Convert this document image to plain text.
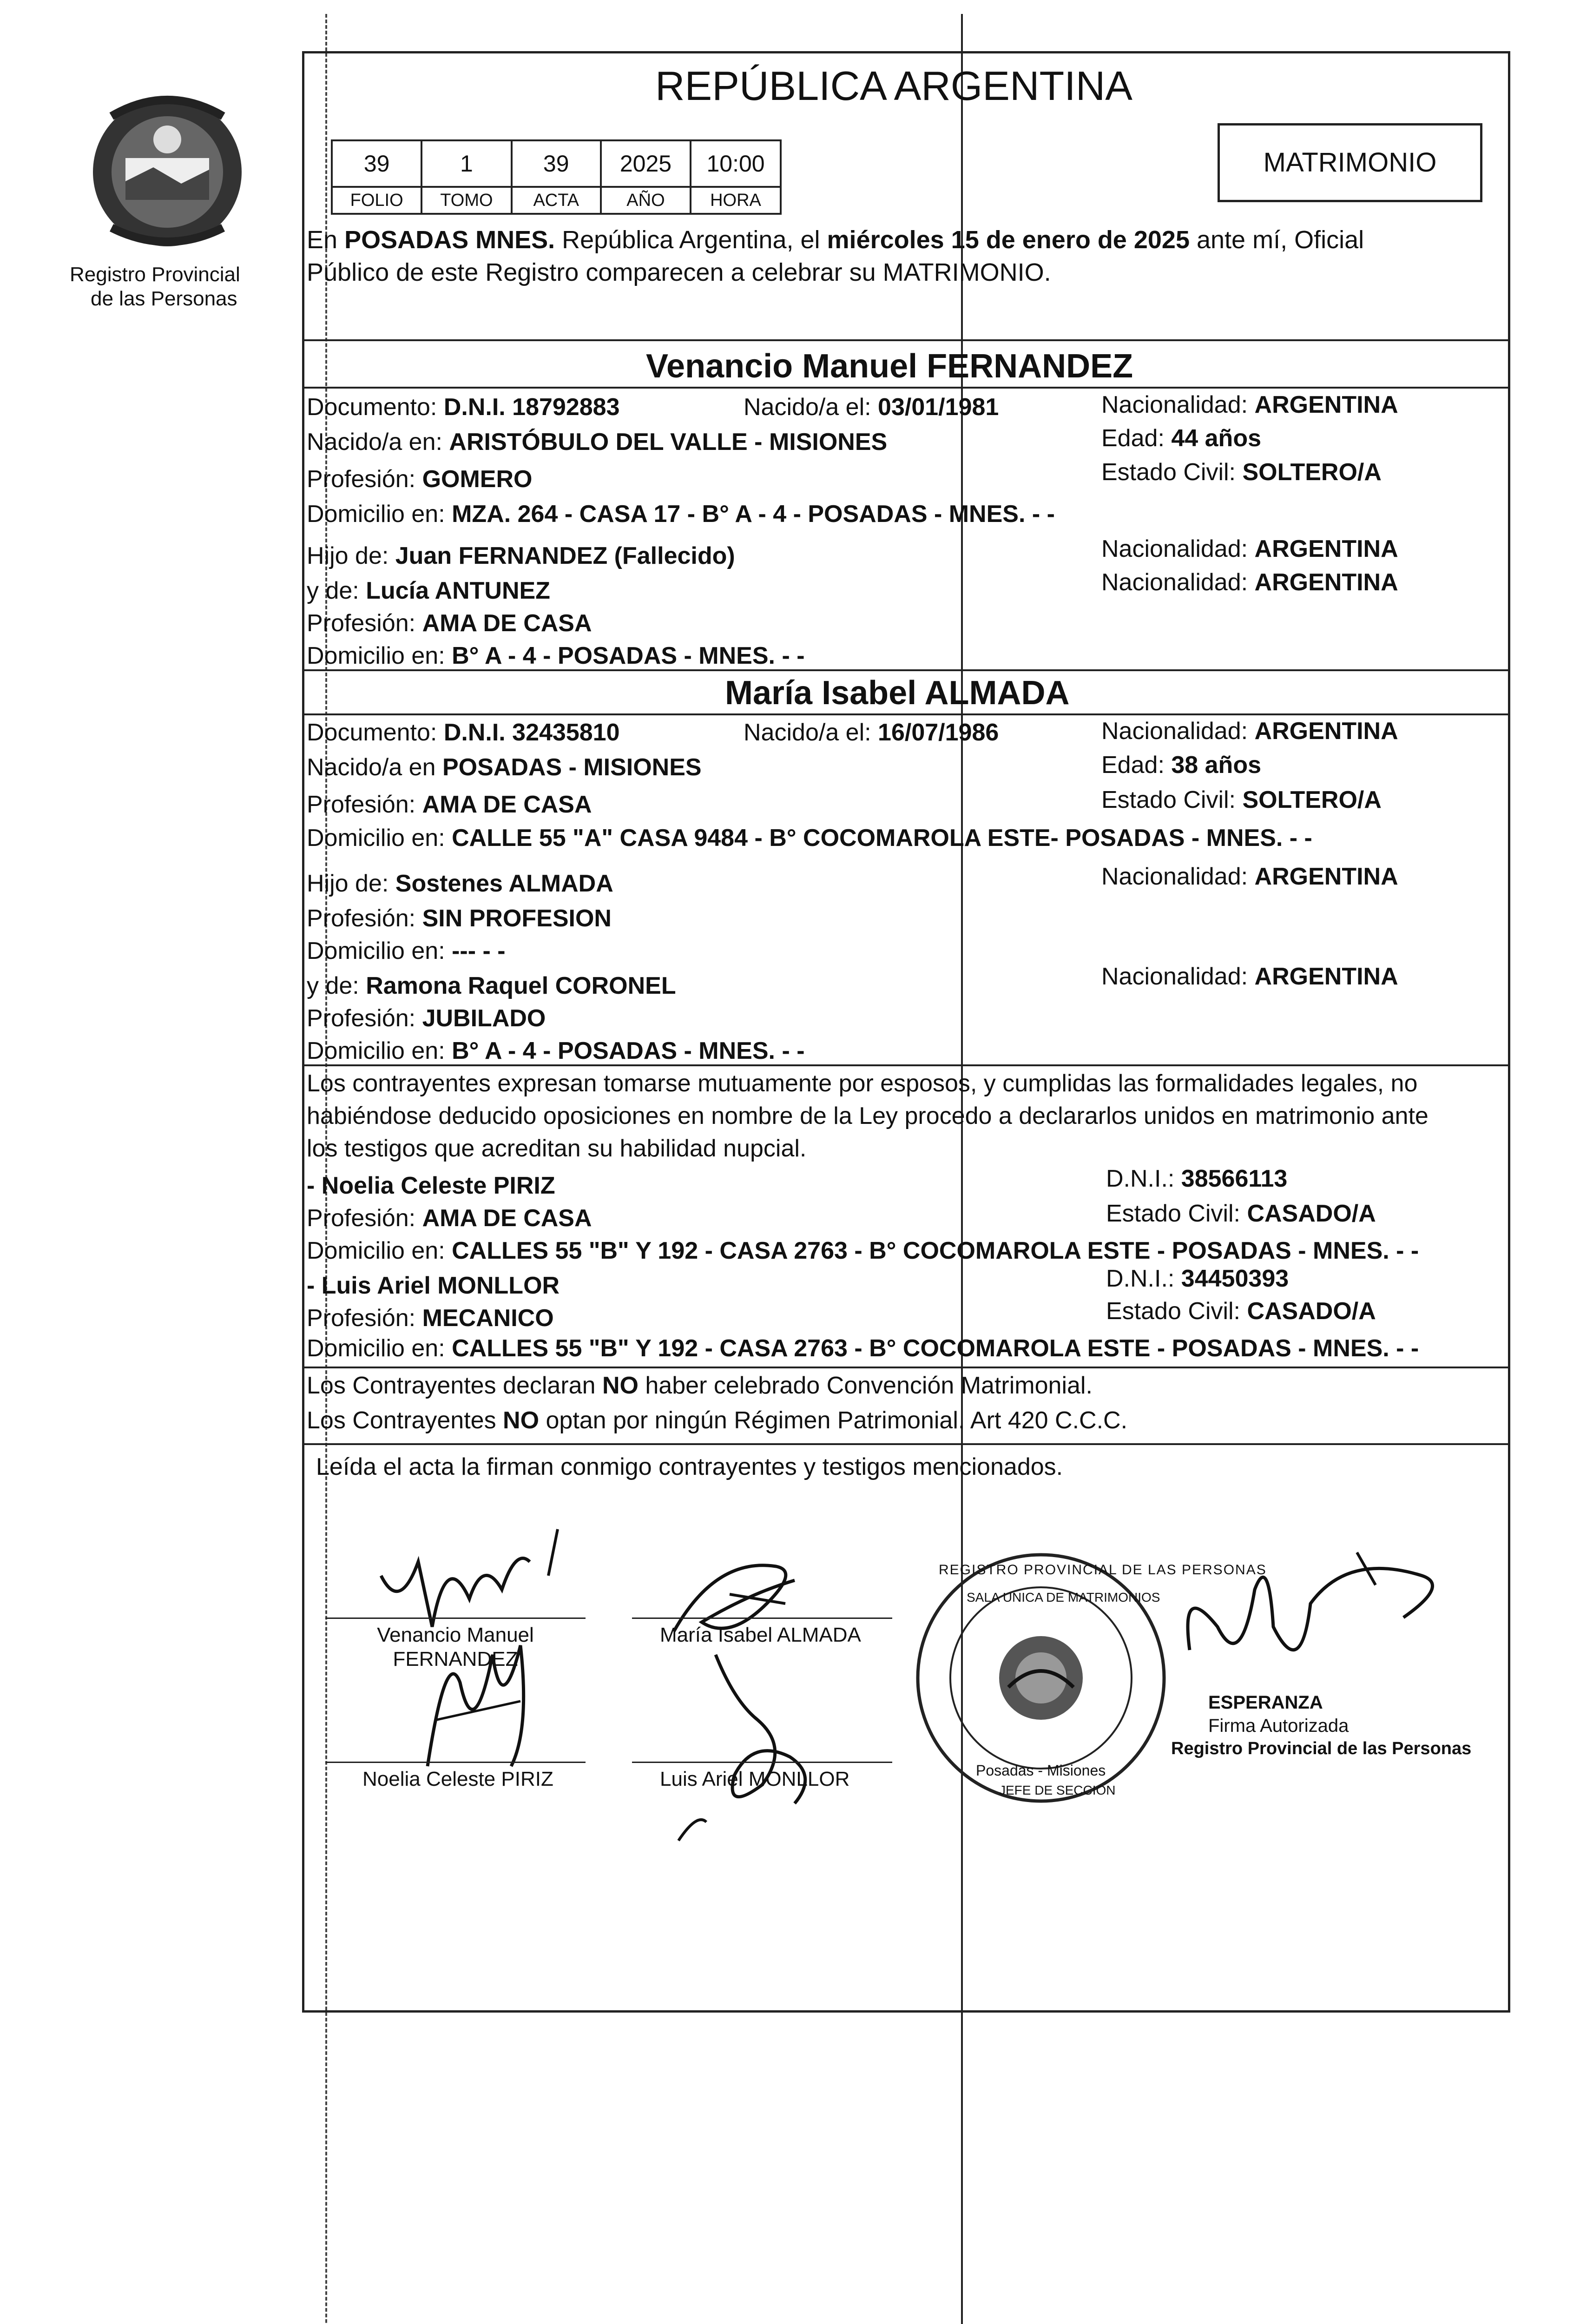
Registro Provincial
de las Personas
REPÚBLICA ARGENTINA
39	1	39	2025	10:00
FOLIO	TOMO	ACTA	AÑO	HORA
MATRIMONIO
En POSADAS MNES. República Argentina, el miércoles 15 de enero de 2025 ante mí, Oficial
Público de este Registro comparecen a celebrar su MATRIMONIO.
Venancio Manuel FERNANDEZ
Documento: D.N.I. 18792883	Nacido/a el: 03/01/1981	Nacionalidad: ARGENTINA
Nacido/a en: ARISTÓBULO DEL VALLE - MISIONES	Edad: 44 años
Profesión: GOMERO	Estado Civil: SOLTERO/A
Domicilio en: MZA. 264 - CASA 17 - B° A - 4 - POSADAS - MNES. - -
Hijo de: Juan FERNANDEZ (Fallecido)	Nacionalidad: ARGENTINA
y de: Lucía ANTUNEZ	Nacionalidad: ARGENTINA
Profesión: AMA DE CASA
Domicilio en: B° A - 4 - POSADAS - MNES. - -
María Isabel ALMADA
Documento: D.N.I. 32435810	Nacido/a el: 16/07/1986	Nacionalidad: ARGENTINA
Nacido/a en POSADAS - MISIONES	Edad: 38 años
Profesión: AMA DE CASA	Estado Civil: SOLTERO/A
Domicilio en: CALLE 55 "A" CASA 9484 - B° COCOMAROLA ESTE- POSADAS - MNES. - -
Hijo de: Sostenes ALMADA	Nacionalidad: ARGENTINA
Profesión: SIN PROFESION
Domicilio en: --- - -
y de: Ramona Raquel CORONEL	Nacionalidad: ARGENTINA
Profesión: JUBILADO
Domicilio en: B° A - 4 - POSADAS - MNES. - -
Los contrayentes expresan tomarse mutuamente por esposos, y cumplidas las formalidades legales, no
habiéndose deducido oposiciones en nombre de la Ley procedo a declararlos unidos en matrimonio ante
los testigos que acreditan su habilidad nupcial.
- Noelia Celeste PIRIZ	D.N.I.: 38566113
Profesión: AMA DE CASA	Estado Civil: CASADO/A
Domicilio en: CALLES 55 "B" Y 192 - CASA 2763 - B° COCOMAROLA ESTE - POSADAS - MNES. - -
- Luis Ariel MONLLOR	D.N.I.: 34450393
Profesión: MECANICO	Estado Civil: CASADO/A
Domicilio en: CALLES 55 "B" Y 192 - CASA 2763 - B° COCOMAROLA ESTE - POSADAS - MNES. - -
Los Contrayentes declaran NO haber celebrado Convención Matrimonial.
Los Contrayentes NO optan por ningún Régimen Patrimonial. Art 420 C.C.C.
Leída el acta la firman conmigo contrayentes y testigos mencionados.
Venancio Manuel FERNANDEZ
María Isabel ALMADA
Noelia Celeste PIRIZ	Luis Ariel MONLLOR
REGISTRO PROVINCIAL DE LAS PERSONAS
SALA UNICA DE MATRIMONIOS
Posadas - Misiones
JEFE DE SECCION
ESPERANZA
Firma Autorizada
Registro Provincial de las Personas
